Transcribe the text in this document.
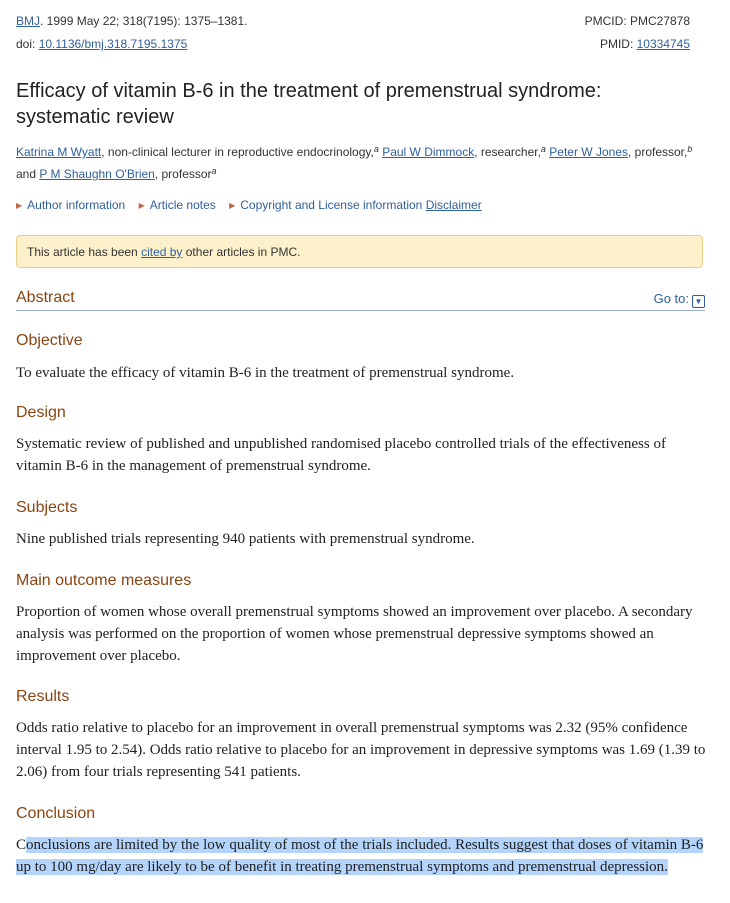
BMJ. 1999 May 22; 318(7195): 1375–1381.	PMCID: PMC27878
doi: 10.1136/bmj.318.7195.1375	PMID: 10334745
Efficacy of vitamin B-6 in the treatment of premenstrual syndrome: systematic review
Katrina M Wyatt, non-clinical lecturer in reproductive endocrinology,$^a$ Paul W Dimmock, researcher,$^a$ Peter W Jones, professor,$^b$ and P M Shaughn O'Brien, professor$^a$
▶ Author information ▶ Article notes ▶ Copyright and License information Disclaimer
This article has been cited by other articles in PMC.
Abstract	Go to: ▼
Objective

To evaluate the efficacy of vitamin B-6 in the treatment of premenstrual syndrome.

Design

Systematic review of published and unpublished randomised placebo controlled trials of the effectiveness of vitamin B-6 in the management of premenstrual syndrome.

Subjects

Nine published trials representing 940 patients with premenstrual syndrome.

Main outcome measures

Proportion of women whose overall premenstrual symptoms showed an improvement over placebo. A secondary analysis was performed on the proportion of women whose premenstrual depressive symptoms showed an improvement over placebo.

Results

Odds ratio relative to placebo for an improvement in overall premenstrual symptoms was 2.32 (95% confidence interval 1.95 to 2.54). Odds ratio relative to placebo for an improvement in depressive symptoms was 1.69 (1.39 to 2.06) from four trials representing 541 patients.

Conclusion

Conclusions are limited by the low quality of most of the trials included. Results suggest that doses of vitamin B-6 up to 100 mg/day are likely to be of benefit in treating premenstrual symptoms and premenstrual depression.
